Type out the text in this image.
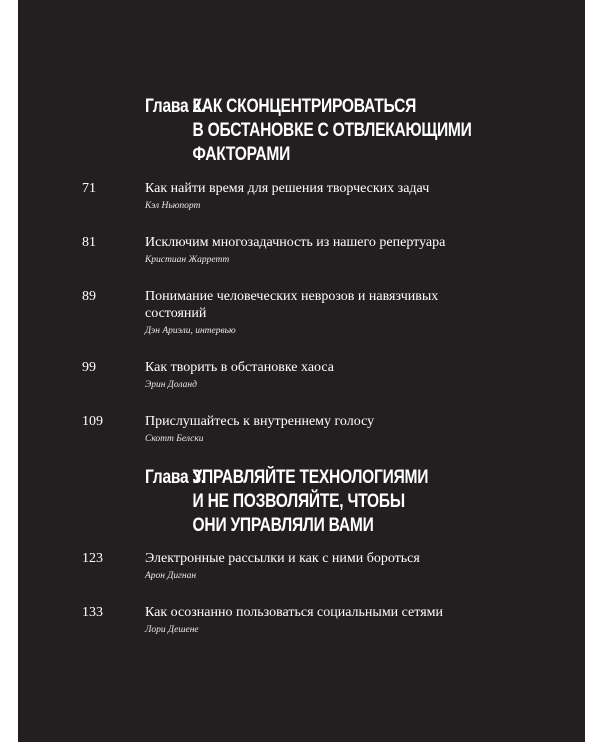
Глава 2.КАК СКОНЦЕНТРИРОВАТЬСЯ
В ОБСТАНОВКЕ С ОТВЛЕКАЮЩИМИ
ФАКТОРАМИ
71	Как найти время для решения творческих задач
Кэл Ньюпорт
81	Исключим многозадачность из нашего репертуара
Кристиан Жарретт
89	Понимание человеческих неврозов и навязчивых состояний
Дэн Ариэли, интервью
99	Как творить в обстановке хаоса
Эрин Доланд
109	Прислушайтесь к внутреннему голосу
Скотт Белски
Глава 3.УПРАВЛЯЙТЕ ТЕХНОЛОГИЯМИ
И НЕ ПОЗВОЛЯЙТЕ, ЧТОБЫ
ОНИ УПРАВЛЯЛИ ВАМИ
123	Электронные рассылки и как с ними бороться
Арон Дигнан
133	Как осознанно пользоваться социальными сетями
Лори Дешене
